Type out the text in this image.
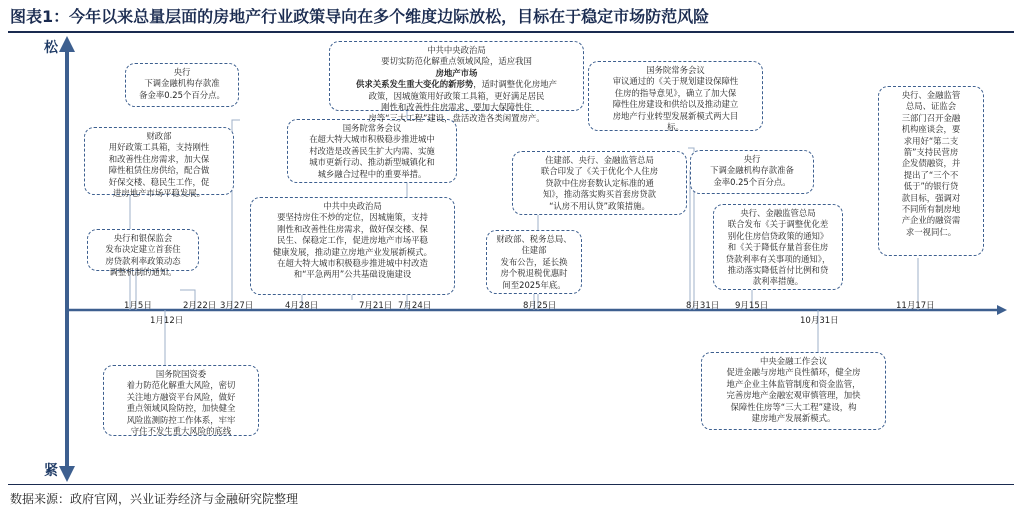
图表1：今年以来总量层面的房地产行业政策导向在多个维度边际放松，目标在于稳定市场防范风险
松
紧
1月5日
1月12日
2月22日 3月27日	4月28日	7月21日 7月24日	8月25日	8月31日 9月15日
10月31日
11月17日
财政部
用好政策工具箱，支持刚性
和改善性住房需求，加大保
障性租赁住房供给，配合做
好保交楼、稳民生工作，促
进房地产市场平稳发展。
央行和银保监会
发布决定建立首套住
房贷款利率政策动态
调整机制的通知。
央行
下调金融机构存款准
备金率0.25个百分点。
国务院国资委
着力防范化解重大风险，密切
关注地方融资平台风险，做好
重点领域风险防控，加快健全
风险监测防控工作体系，牢牢
守住不发生重大风险的底线
国务院常务会议
在超大特大城市积极稳步推进城中
村改造是改善民生扩大内需、实施
城市更新行动、推动新型城镇化和
城乡融合过程中的重要举措。
中共中央政治局
要坚持房住不炒的定位，因城施策，支持
刚性和改善性住房需求，做好保交楼、保
民生、保稳定工作，促进房地产市场平稳
健康发展，推动建立房地产业发展新模式。
在超大特大城市积极稳步推进城中村改造
和“平急两用”公共基础设施建设
中共中央政治局
要切实防范化解重点领域风险，适应我国
房地产市场
供求关系发生重大变化的新形势，适时调整优化房地产
政策，因城施策用好政策工具箱，更好满足居民
刚性和改善性住房需求，要加大保障性住
房等“三大工程”建设，盘活改造各类闲置房产。
住建部、央行、金融监管总局
联合印发了《关于优化个人住房
贷款中住房套数认定标准的通
知》，推动落实购买首套房贷款
“认房不用认贷”政策措施。
财政部、税务总局、
住建部
发布公告，延长换
房个税退税优惠时
间至2025年底。
国务院常务会议
审议通过的《关于规划建设保障性
住房的指导意见》，确立了加大保
障性住房建设和供给以及推动建立
房地产行业转型发展新模式两大目
标。
央行
下调金融机构存款准备
金率0.25个百分点。
央行、金融监管总局
联合发布《关于调整优化差
别化住房信贷政策的通知》
和《关于降低存量首套住房
贷款利率有关事项的通知》，
推动落实降低首付比例和贷
款利率措施。
中央金融工作会议
促进金融与房地产良性循环，健全房
地产企业主体监管制度和资金监管，
完善房地产金融宏观审慎管理，加快
保障性住房等“三大工程”建设，构
建房地产发展新模式。
央行、金融监管
总局、证监会
三部门召开金融
机构座谈会，要
求用好“第二支
箭”支持民营房
企发债融资，并
提出了“三个不
低于”的银行贷
款目标，强调对
不同所有制房地
产企业的融资需
求一视同仁。
数据来源：政府官网，兴业证券经济与金融研究院整理
